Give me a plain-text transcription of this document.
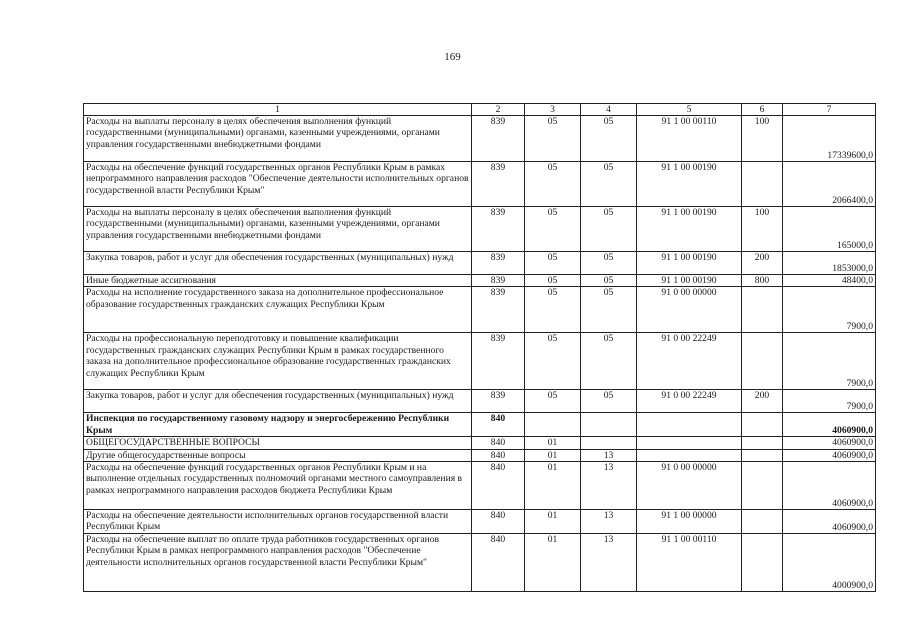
169
1	2	3	4	5	6	7
Расходы на выплаты персоналу в целях обеспечения выполнения функций государственными (муниципальными) органами, казенными учреждениями, органами управления государственными внебюджетными фондами	839	05	05	91 1 00 00110	100	17339600,0
Расходы на обеспечение функций государственных органов Республики Крым в рамках непрограммного направления расходов "Обеспечение деятельности исполнительных органов государственной власти Республики Крым"	839	05	05	91 1 00 00190		2066400,0
Расходы на выплаты персоналу в целях обеспечения выполнения функций государственными (муниципальными) органами, казенными учреждениями, органами управления государственными внебюджетными фондами	839	05	05	91 1 00 00190	100	165000,0
Закупка товаров, работ и услуг для обеспечения государственных (муниципальных) нужд	839	05	05	91 1 00 00190	200	1853000,0
Иные бюджетные ассигнования	839	05	05	91 1 00 00190	800	48400,0
Расходы на исполнение государственного заказа на дополнительное профессиональное образование государственных гражданских служащих Республики Крым	839	05	05	91 0 00 00000		7900,0
Расходы на профессиональную переподготовку и повышение квалификации государственных гражданских служащих Республики Крым в рамках государственного заказа на дополнительное профессиональное образование государственных гражданских служащих Республики Крым	839	05	05	91 0 00 22249		7900,0
Закупка товаров, работ и услуг для обеспечения государственных (муниципальных) нужд	839	05	05	91 0 00 22249	200	7900,0
Инспекция по государственному газовому надзору и энергосбережению Республики Крым	840					4060900,0
ОБЩЕГОСУДАРСТВЕННЫЕ ВОПРОСЫ	840	01				4060900,0
Другие общегосударственные вопросы	840	01	13			4060900,0
Расходы на обеспечение функций государственных органов Республики Крым и на выполнение отдельных государственных полномочий органами местного самоуправления в рамках непрограммного направления расходов бюджета Республики Крым	840	01	13	91 0 00 00000		4060900,0
Расходы на обеспечение деятельности исполнительных органов государственной власти Республики Крым	840	01	13	91 1 00 00000		4060900,0
Расходы на обеспечение выплат по оплате труда работников государственных органов Республики Крым в рамках непрограммного направления расходов "Обеспечение деятельности исполнительных органов государственной власти Республики Крым"	840	01	13	91 1 00 00110		4000900,0
